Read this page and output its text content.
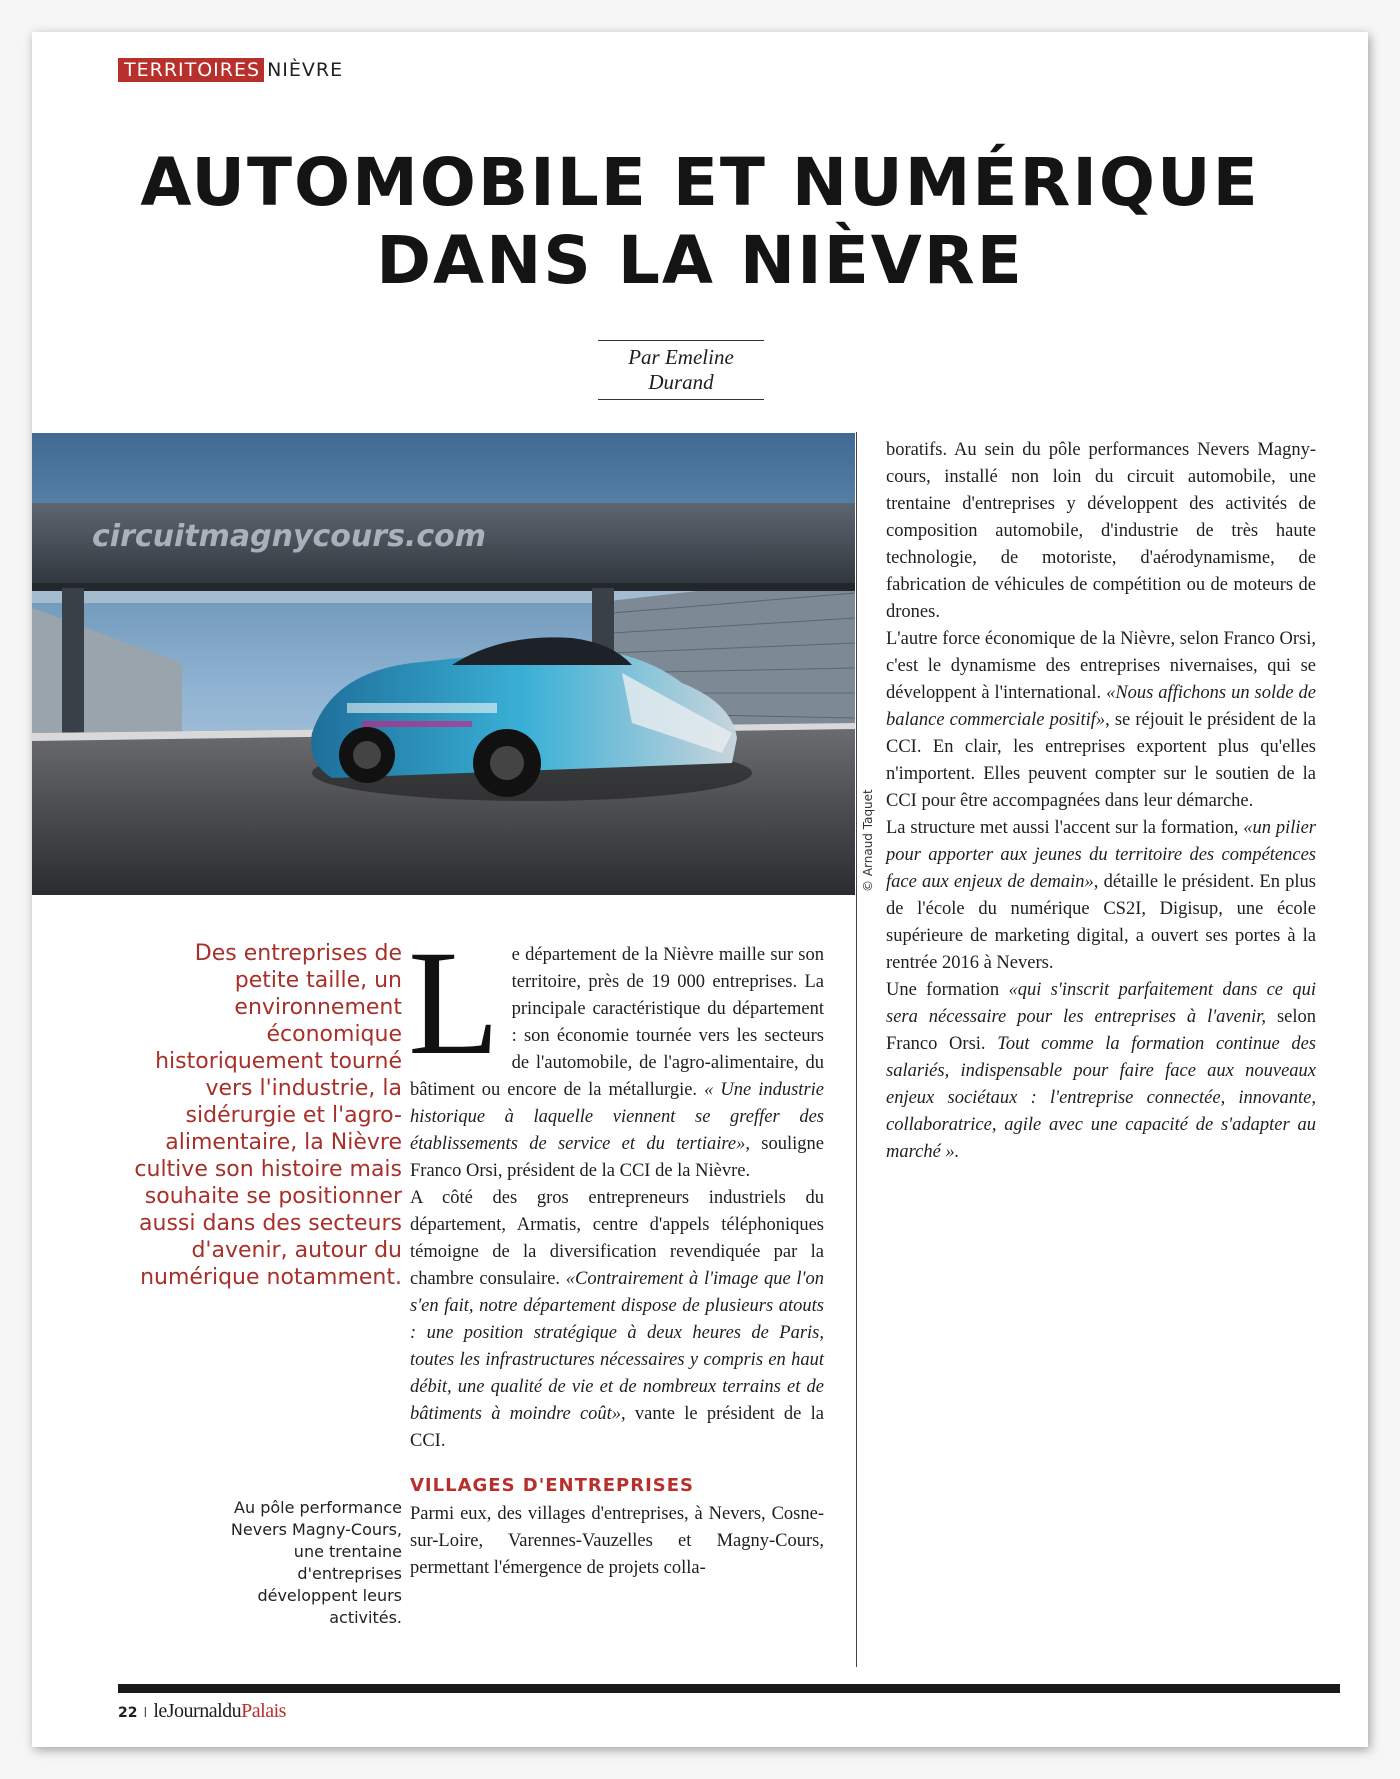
TERRITOIRES NIÈVRE
AUTOMOBILE ET NUMÉRIQUE
DANS LA NIÈVRE
Par Emeline Durand
circuitmagnycours.com
© Arnaud Taquet
Des entreprises de petite taille, un environnement économique historiquement tourné vers l'industrie, la sidérurgie et l'agro-alimentaire, la Nièvre cultive son histoire mais souhaite se positionner aussi dans des secteurs d'avenir, autour du numérique notamment.
Au pôle performance Nevers Magny-Cours, une trentaine d'entreprises développent leurs activités.

Le département de la Nièvre maille sur son territoire, près de 19 000 entreprises. La principale caractéristique du département : son économie tournée vers les secteurs de l'automobile, de l'agro-alimentaire, du bâtiment ou encore de la métallurgie. « Une industrie historique à laquelle viennent se greffer des établissements de service et du tertiaire», souligne Franco Orsi, président de la CCI de la Nièvre.

A côté des gros entrepreneurs industriels du département, Armatis, centre d'appels téléphoniques témoigne de la diversification revendiquée par la chambre consulaire. «Contrairement à l'image que l'on s'en fait, notre département dispose de plusieurs atouts : une position stratégique à deux heures de Paris, toutes les infrastructures nécessaires y compris en haut débit, une qualité de vie et de nombreux terrains et de bâtiments à moindre coût», vante le président de la CCI.

VILLAGES D'ENTREPRISES

Parmi eux, des villages d'entreprises, à Nevers, Cosne-sur-Loire, Varennes-Vauzelles et Magny-Cours, permettant l'émergence de projets colla-

boratifs. Au sein du pôle performances Nevers Magny-cours, installé non loin du circuit automobile, une trentaine d'entreprises y développent des activités de composition automobile, d'industrie de très haute technologie, de motoriste, d'aérodynamisme, de fabrication de véhicules de compétition ou de moteurs de drones.

L'autre force économique de la Nièvre, selon Franco Orsi, c'est le dynamisme des entreprises nivernaises, qui se développent à l'international. «Nous affichons un solde de balance commerciale positif», se réjouit le président de la CCI. En clair, les entreprises exportent plus qu'elles n'importent. Elles peuvent compter sur le soutien de la CCI pour être accompagnées dans leur démarche.

La structure met aussi l'accent sur la formation, «un pilier pour apporter aux jeunes du territoire des compétences face aux enjeux de demain», détaille le président. En plus de l'école du numérique CS2I, Digisup, une école supérieure de marketing digital, a ouvert ses portes à la rentrée 2016 à Nevers.

Une formation «qui s'inscrit parfaitement dans ce qui sera nécessaire pour les entreprises à l'avenir, selon Franco Orsi. Tout comme la formation continue des salariés, indispensable pour faire face aux nouveaux enjeux sociétaux : l'entreprise connectée, innovante, collaboratrice, agile avec une capacité de s'adapter au marché ».

22 I leJournaldu Palais
